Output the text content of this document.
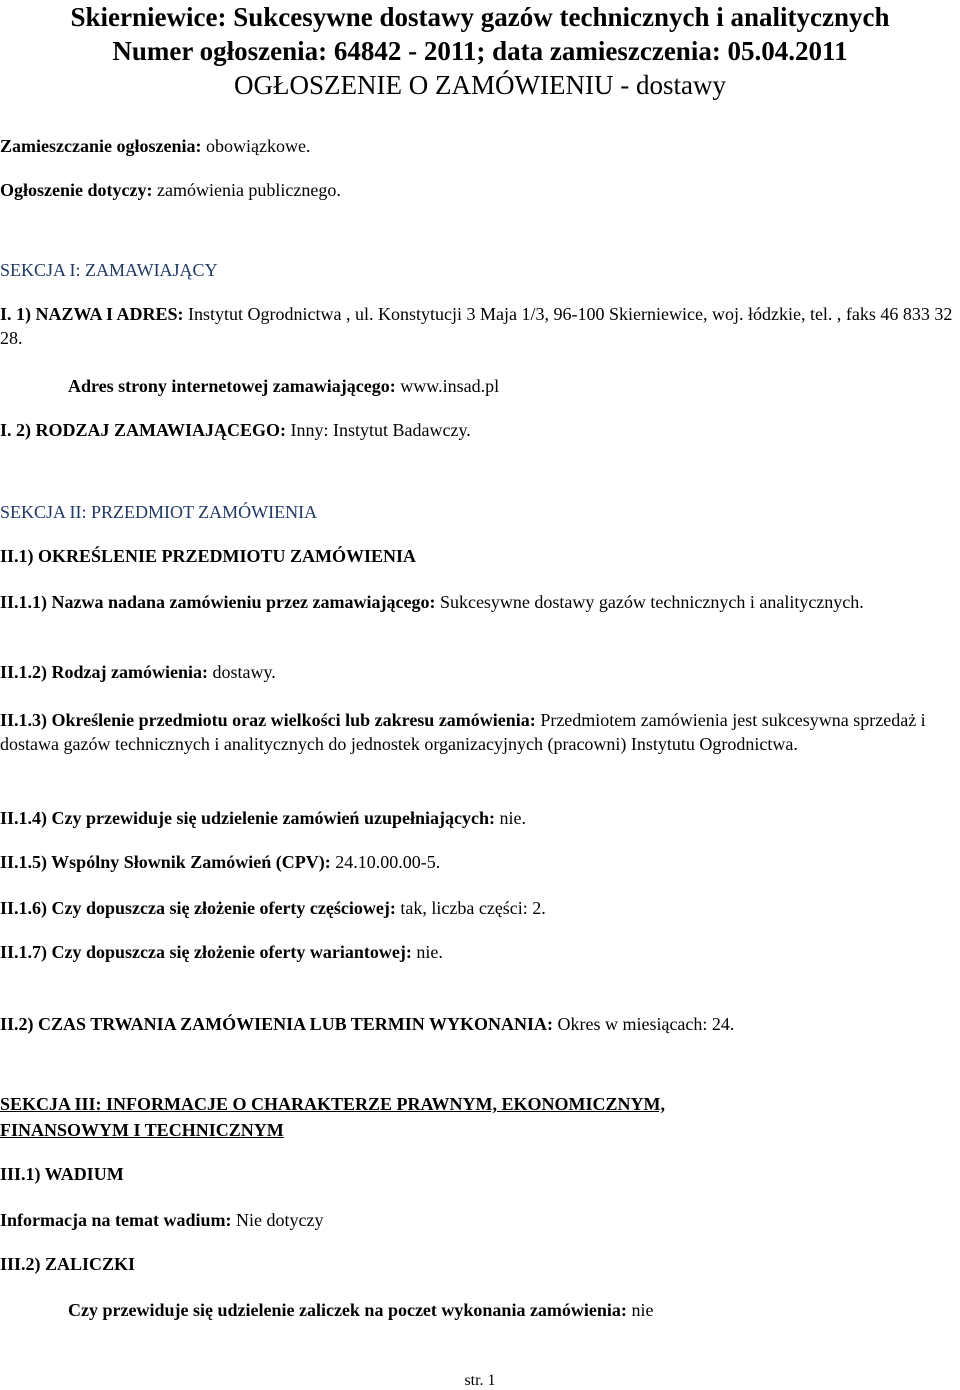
Skierniewice: Sukcesywne dostawy gazów technicznych i analitycznych
Numer ogłoszenia: 64842 - 2011; data zamieszczenia: 05.04.2011
OGŁOSZENIE O ZAMÓWIENIU - dostawy

Zamieszczanie ogłoszenia: obowiązkowe.

Ogłoszenie dotyczy: zamówienia publicznego.

SEKCJA I: ZAMAWIAJĄCY

I. 1) NAZWA I ADRES: Instytut Ogrodnictwa , ul. Konstytucji 3 Maja 1/3, 96-100 Skierniewice, woj. łódzkie, tel. , faks 46 833 32 28.

Adres strony internetowej zamawiającego: www.insad.pl

I. 2) RODZAJ ZAMAWIAJĄCEGO: Inny: Instytut Badawczy.

SEKCJA II: PRZEDMIOT ZAMÓWIENIA

II.1) OKREŚLENIE PRZEDMIOTU ZAMÓWIENIA

II.1.1) Nazwa nadana zamówieniu przez zamawiającego: Sukcesywne dostawy gazów technicznych i analitycznych.

II.1.2) Rodzaj zamówienia: dostawy.

II.1.3) Określenie przedmiotu oraz wielkości lub zakresu zamówienia: Przedmiotem zamówienia jest sukcesywna sprzedaż i dostawa gazów technicznych i analitycznych do jednostek organizacyjnych (pracowni) Instytutu Ogrodnictwa.

II.1.4) Czy przewiduje się udzielenie zamówień uzupełniających: nie.

II.1.5) Wspólny Słownik Zamówień (CPV): 24.10.00.00-5.

II.1.6) Czy dopuszcza się złożenie oferty częściowej: tak, liczba części: 2.

II.1.7) Czy dopuszcza się złożenie oferty wariantowej: nie.

II.2) CZAS TRWANIA ZAMÓWIENIA LUB TERMIN WYKONANIA: Okres w miesiącach: 24.

SEKCJA III: INFORMACJE O CHARAKTERZE PRAWNYM, EKONOMICZNYM,

FINANSOWYM I TECHNICZNYM

III.1) WADIUM

Informacja na temat wadium: Nie dotyczy

III.2) ZALICZKI

Czy przewiduje się udzielenie zaliczek na poczet wykonania zamówienia: nie

str. 1
